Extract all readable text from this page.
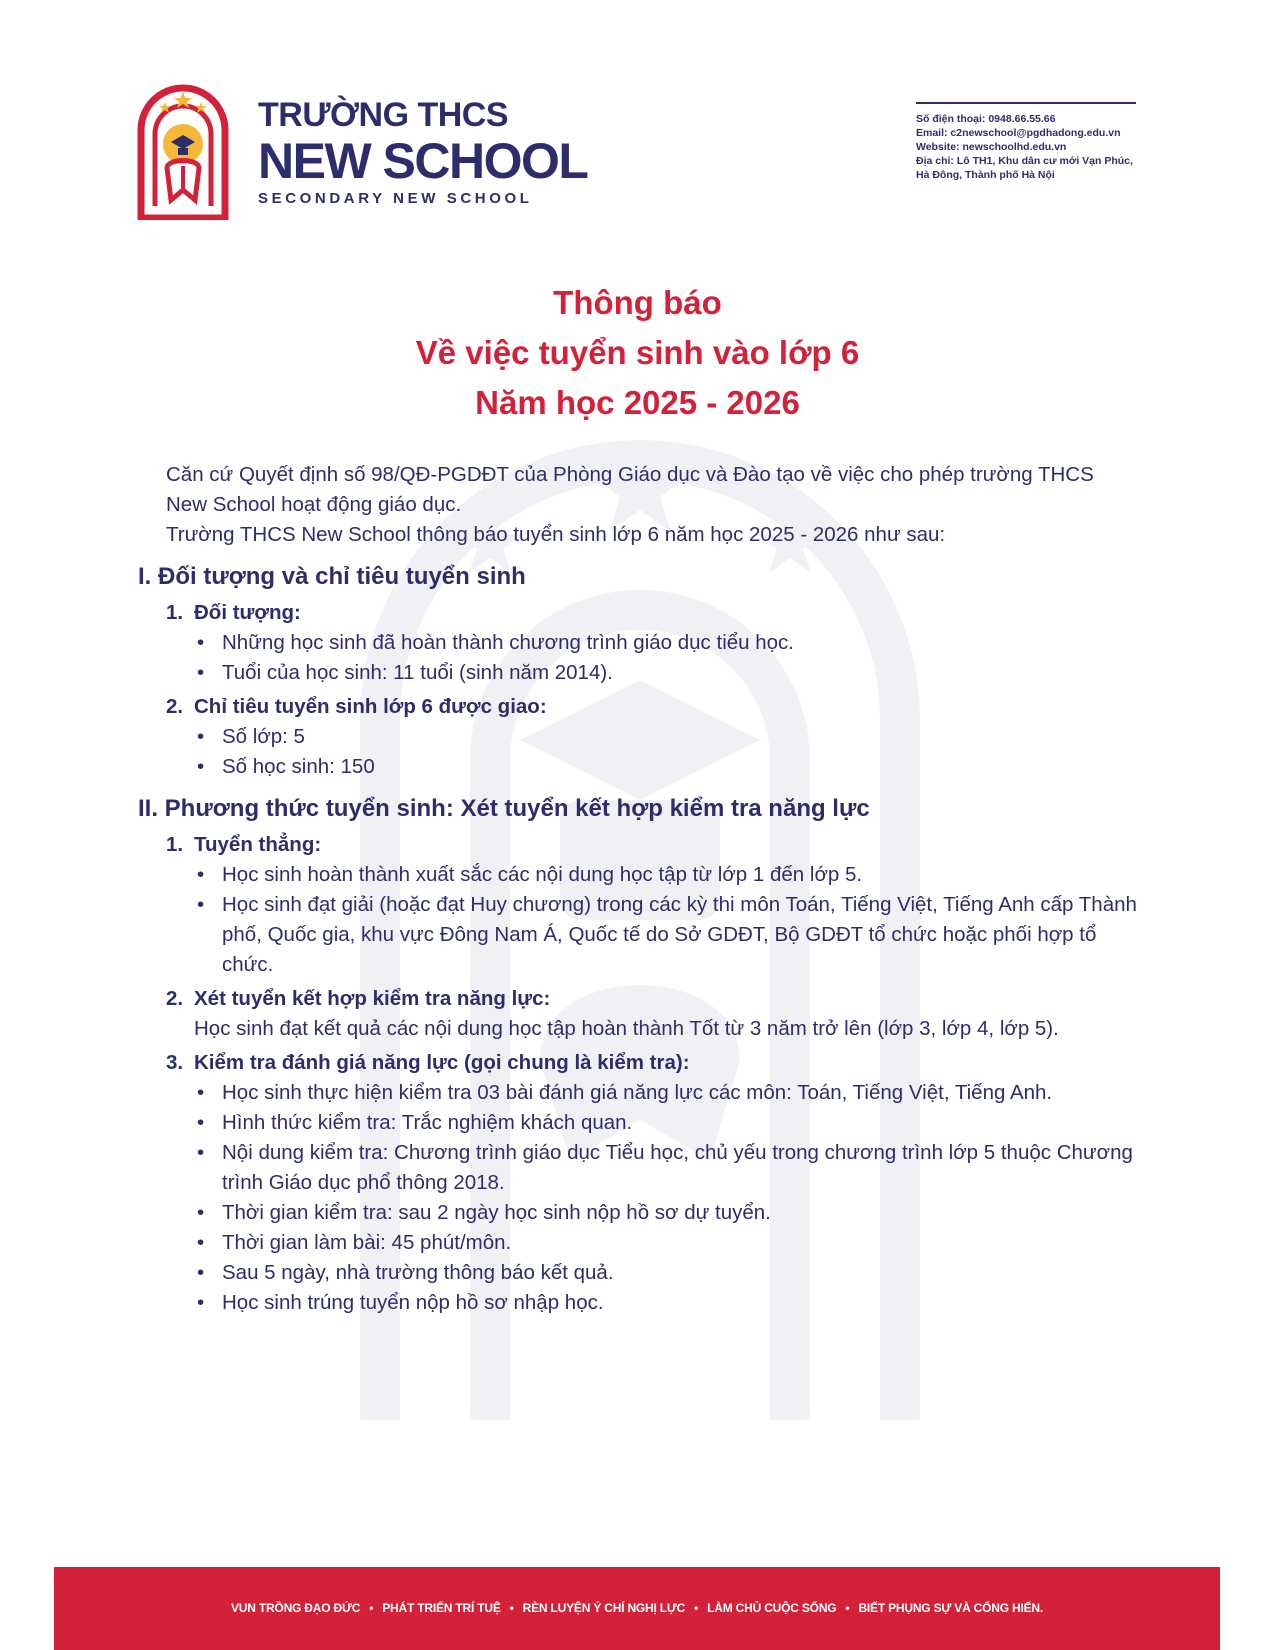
TRƯỜNG THCS
NEW SCHOOL
SECONDARY NEW SCHOOL
Số điện thoại: 0948.66.55.66
Email: c2newschool@pgdhadong.edu.vn
Website: newschoolhd.edu.vn
Địa chỉ: Lô TH1, Khu dân cư mới Vạn Phúc,
Hà Đông, Thành phố Hà Nội
Thông báo
Về việc tuyển sinh vào lớp 6
Năm học 2025 - 2026
Căn cứ Quyết định số 98/QĐ-PGDĐT của Phòng Giáo dục và Đào tạo về việc cho phép trường THCS New School hoạt động giáo dục.
Trường THCS New School thông báo tuyển sinh lớp 6 năm học 2025 - 2026 như sau:
I. Đối tượng và chỉ tiêu tuyển sinh
1. Đối tượng:
• Những học sinh đã hoàn thành chương trình giáo dục tiểu học.
• Tuổi của học sinh: 11 tuổi (sinh năm 2014).
2. Chỉ tiêu tuyển sinh lớp 6 được giao:
• Số lớp: 5
• Số học sinh: 150
II. Phương thức tuyển sinh: Xét tuyển kết hợp kiểm tra năng lực
1. Tuyển thẳng:
• Học sinh hoàn thành xuất sắc các nội dung học tập từ lớp 1 đến lớp 5.
• Học sinh đạt giải (hoặc đạt Huy chương) trong các kỳ thi môn Toán, Tiếng Việt, Tiếng Anh cấp Thành phố, Quốc gia, khu vực Đông Nam Á, Quốc tế do Sở GDĐT, Bộ GDĐT tổ chức hoặc phối hợp tổ chức.
2. Xét tuyển kết hợp kiểm tra năng lực:
Học sinh đạt kết quả các nội dung học tập hoàn thành Tốt từ 3 năm trở lên (lớp 3, lớp 4, lớp 5).
3. Kiểm tra đánh giá năng lực (gọi chung là kiểm tra):
• Học sinh thực hiện kiểm tra 03 bài đánh giá năng lực các môn: Toán, Tiếng Việt, Tiếng Anh.
• Hình thức kiểm tra: Trắc nghiệm khách quan.
• Nội dung kiểm tra: Chương trình giáo dục Tiểu học, chủ yếu trong chương trình lớp 5 thuộc Chương trình Giáo dục phổ thông 2018.
• Thời gian kiểm tra: sau 2 ngày học sinh nộp hồ sơ dự tuyển.
• Thời gian làm bài: 45 phút/môn.
• Sau 5 ngày, nhà trường thông báo kết quả.
• Học sinh trúng tuyển nộp hồ sơ nhập học.
VUN TRỒNG ĐẠO ĐỨC • PHÁT TRIỂN TRÍ TUỆ • RÈN LUYỆN Ý CHÍ NGHỊ LỰC • LÀM CHỦ CUỘC SỐNG • BIẾT PHỤNG SỰ VÀ CỐNG HIẾN.
